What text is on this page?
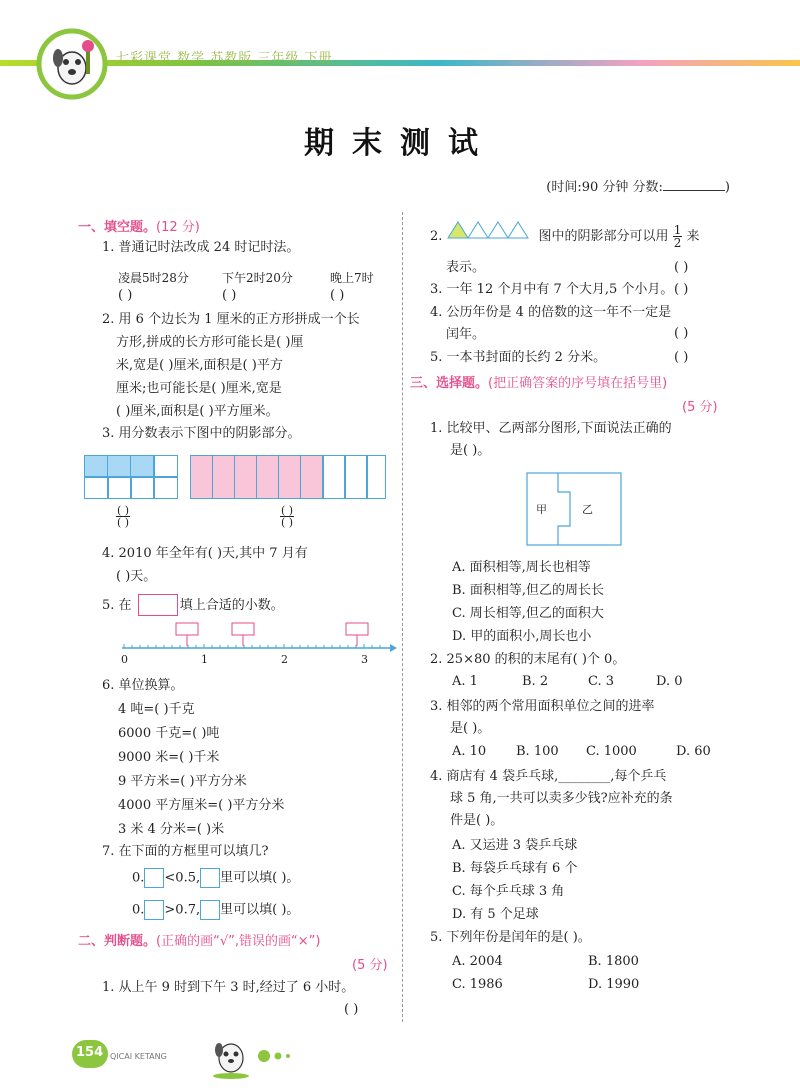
七彩课堂 数学 苏教版 三年级 下册
期末测试
(时间:90 分钟 分数:	)
一、填空题。(12 分)
1. 普通记时法改成 24 时记时法。
凌晨5时28分	下午2时20分	晚上7时
( )	( )	( )
2. 用 6 个边长为 1 厘米的正方形拼成一个长
方形,拼成的长方形可能长是( )厘
米,宽是( )厘米,面积是( )平方
厘米;也可能长是( )厘米,宽是
( )厘米,面积是( )平方厘米。
3. 用分数表示下图中的阴影部分。
( )
( )
( )
( )
4. 2010 年全年有( )天,其中 7 月有
( )天。
5. 在	填上合适的小数。
0	1	2	3
6. 单位换算。
4 吨=( )千克
6000 千克=( )吨
9000 米=( )千米
9 平方米=( )平方分米
4000 平方厘米=( )平方分米
3 米 4 分米=( )米
7. 在下面的方框里可以填几?
0. <0.5, 里可以填( )。
0. >0.7, 里可以填( )。
二、判断题。(正确的画“√”,错误的画“×”)
(5 分)
1. 从上午 9 时到下午 3 时,经过了 6 小时。
( )
2.	图中的阴影部分可以用 $\frac{1}{2}$ 来
表示。	( )
3. 一年 12 个月中有 7 个大月,5 个小月。 ( )
4. 公历年份是 4 的倍数的这一年不一定是
闰年。	( )
5. 一本书封面的长约 2 分米。	( )
三、选择题。(把正确答案的序号填在括号里)
(5 分)
1. 比较甲、乙两部分图形,下面说法正确的
是( )。
甲	乙
A. 面积相等,周长也相等
B. 面积相等,但乙的周长长
C. 周长相等,但乙的面积大
D. 甲的面积小,周长也小
2. 25×80 的积的末尾有( )个 0。
A. 1	B. 2	C. 3	D. 0
3. 相邻的两个常用面积单位之间的进率
是( )。
A. 10 B. 100 C. 1000	D. 60
4. 商店有 4 袋乒乓球,________,每个乒乓
球 5 角,一共可以卖多少钱?应补充的条
件是( )。
A. 又运进 3 袋乒乓球
B. 每袋乒乓球有 6 个
C. 每个乒乓球 3 角
D. 有 5 个足球
5. 下列年份是闰年的是( )。
A. 2004	B. 1800
C. 1986	D. 1990
154 QICAI KETANG
